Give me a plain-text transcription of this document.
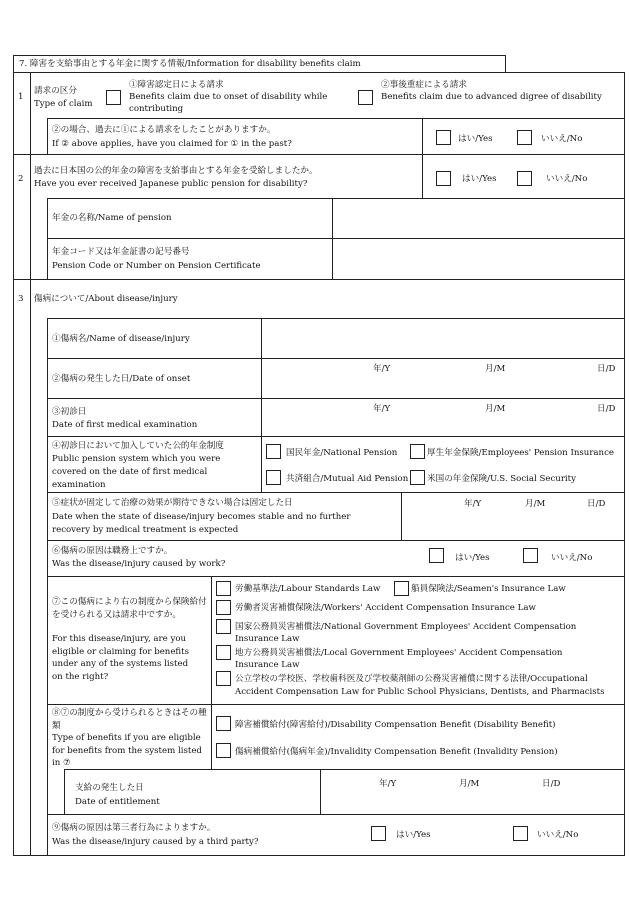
7. 障害を支給事由とする年金に関する情報/Information for disability benefits claim
1
請求の区分
Type of claim
①障害認定日による請求
Benefits claim due to onset of disability while
contributing
②事後重症による請求
Benefits claim due to advanced digree of disability
②の場合、過去に①による請求をしたことがありますか。
If ② above applies, have you claimed for ① in the past?	はい/Yes	いいえ/No
2
過去に日本国の公的年金の障害を支給事由とする年金を受給しましたか。
Have you ever received Japanese public pension for disability?	はい/Yes	いいえ/No
年金の名称/Name of pension
年金コード又は年金証書の記号番号
Pension Code or Number on Pension Certificate
3 傷病について/About disease/injury
①傷病名/Name of disease/injury
②傷病の発生した日/Date of onset
年/Y	月/M	日/D
③初診日
Date of first medical examination
年/Y	月/M	日/D
④初診日において加入していた公的年金制度
Public pension system which you were
covered on the date of first medical
examination
国民年金/National Pension	厚生年金保険/Employees' Pension Insurance
共済組合/Mutual Aid Pension 米国の年金保険/U.S. Social Security
⑤症状が固定して治療の効果が期待できない場合は固定した日
Date when the state of disease/injury becomes stable and no further
recovery by medical treatment is expected
年/Y	月/M	日/D
⑥傷病の原因は職務上ですか。
Was the disease/injury caused by work?
はい/Yes	いいえ/No
⑦この傷病により右の制度から保険給付を受けられる又は請求中ですか。
For this disease/injury, are you eligible or claiming for benefits under any of the systems listed on the right?
労働基準法/Labour Standards Law	船員保険法/Seamen's Insurance Law
労働者災害補償保険法/Workers' Accident Compensation Insurance Law
国家公務員災害補償法/National Government Employees' Accident Compensation
Insurance Law
地方公務員災害補償法/Local Government Employees' Accident Compensation
Insurance Law
公立学校の学校医、学校歯科医及び学校薬剤師の公務災害補償に関する法律/Occupational
Accident Compensation Law for Public School Physicians, Dentists, and Pharmacists
⑧⑦の制度から受けられるときはその種類
Type of benefits if you are eligible for benefits from the system listed in ⑦
障害補償給付(障害給付)/Disability Compensation Benefit (Disability Benefit)
傷病補償給付(傷病年金)/Invalidity Compensation Benefit (Invalidity Pension)
支給の発生した日
Date of entitlement
年/Y	月/M	日/D
⑨傷病の原因は第三者行為によりますか。
Was the disease/injury caused by a third party?
はい/Yes	いいえ/No
